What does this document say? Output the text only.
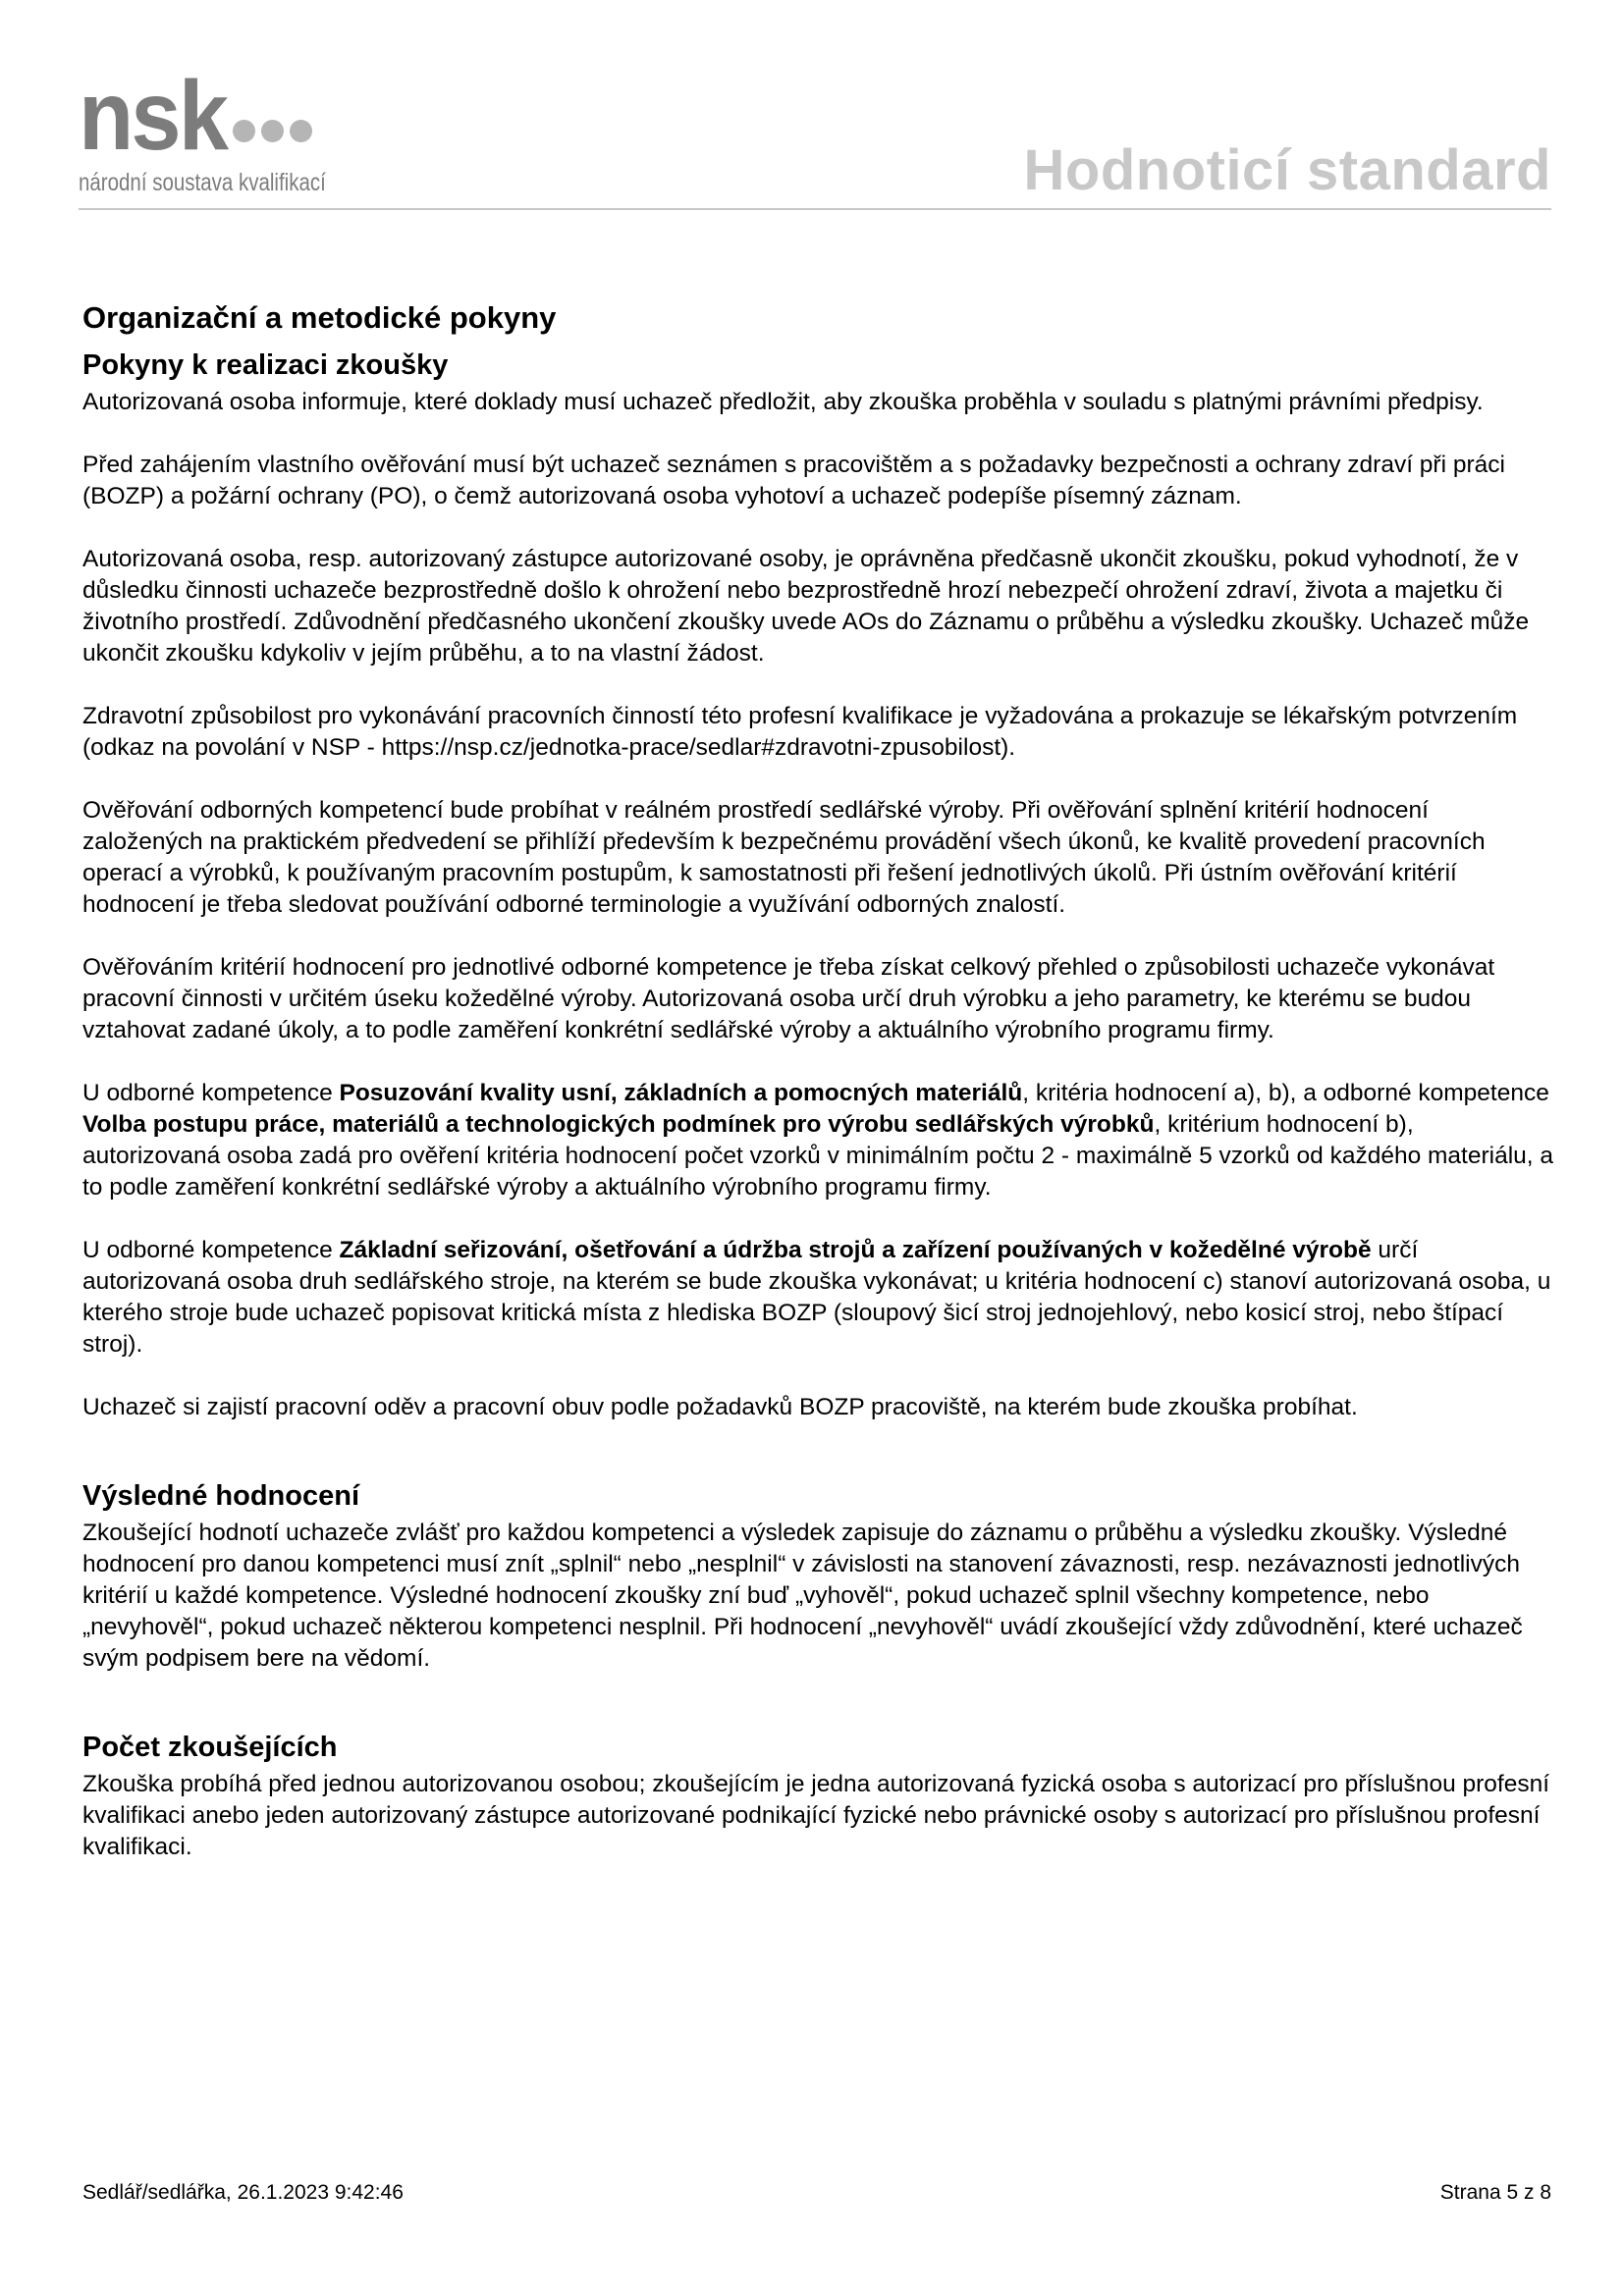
nsk
národní soustava kvalifikací	Hodnoticí standard
Organizační a metodické pokyny
Pokyny k realizaci zkoušky

Autorizovaná osoba informuje, které doklady musí uchazeč předložit, aby zkouška proběhla v souladu s platnými právními předpisy.

Před zahájením vlastního ověřování musí být uchazeč seznámen s pracovištěm a s požadavky bezpečnosti a ochrany zdraví při práci (BOZP) a požární ochrany (PO), o čemž autorizovaná osoba vyhotoví a uchazeč podepíše písemný záznam.

Autorizovaná osoba, resp. autorizovaný zástupce autorizované osoby, je oprávněna předčasně ukončit zkoušku, pokud vyhodnotí, že v důsledku činnosti uchazeče bezprostředně došlo k ohrožení nebo bezprostředně hrozí nebezpečí ohrožení zdraví, života a majetku či životního prostředí. Zdůvodnění předčasného ukončení zkoušky uvede AOs do Záznamu o průběhu a výsledku zkoušky. Uchazeč může ukončit zkoušku kdykoliv v jejím průběhu, a to na vlastní žádost.

Zdravotní způsobilost pro vykonávání pracovních činností této profesní kvalifikace je vyžadována a prokazuje se lékařským potvrzením (odkaz na povolání v NSP - https://nsp.cz/jednotka-prace/sedlar#zdravotni-zpusobilost).

Ověřování odborných kompetencí bude probíhat v reálném prostředí sedlářské výroby. Při ověřování splnění kritérií hodnocení založených na praktickém předvedení se přihlíží především k bezpečnému provádění všech úkonů, ke kvalitě provedení pracovních operací a výrobků, k používaným pracovním postupům, k samostatnosti při řešení jednotlivých úkolů. Při ústním ověřování kritérií hodnocení je třeba sledovat používání odborné terminologie a využívání odborných znalostí.

Ověřováním kritérií hodnocení pro jednotlivé odborné kompetence je třeba získat celkový přehled o způsobilosti uchazeče vykonávat pracovní činnosti v určitém úseku kožedělné výroby. Autorizovaná osoba určí druh výrobku a jeho parametry, ke kterému se budou vztahovat zadané úkoly, a to podle zaměření konkrétní sedlářské výroby a aktuálního výrobního programu firmy.

U odborné kompetence Posuzování kvality usní, základních a pomocných materiálů, kritéria hodnocení a), b), a odborné kompetence Volba postupu práce, materiálů a technologických podmínek pro výrobu sedlářských výrobků, kritérium hodnocení b), autorizovaná osoba zadá pro ověření kritéria hodnocení počet vzorků v minimálním počtu 2 - maximálně 5 vzorků od každého materiálu, a to podle zaměření konkrétní sedlářské výroby a aktuálního výrobního programu firmy.

U odborné kompetence Základní seřizování, ošetřování a údržba strojů a zařízení používaných v kožedělné výrobě určí autorizovaná osoba druh sedlářského stroje, na kterém se bude zkouška vykonávat; u kritéria hodnocení c) stanoví autorizovaná osoba, u kterého stroje bude uchazeč popisovat kritická místa z hlediska BOZP (sloupový šicí stroj jednojehlový, nebo kosicí stroj, nebo štípací stroj).

Uchazeč si zajistí pracovní oděv a pracovní obuv podle požadavků BOZP pracoviště, na kterém bude zkouška probíhat.

Výsledné hodnocení

Zkoušející hodnotí uchazeče zvlášť pro každou kompetenci a výsledek zapisuje do záznamu o průběhu a výsledku zkoušky. Výsledné hodnocení pro danou kompetenci musí znít „splnil“ nebo „nesplnil“ v závislosti na stanovení závaznosti, resp. nezávaznosti jednotlivých kritérií u každé kompetence. Výsledné hodnocení zkoušky zní buď „vyhověl“, pokud uchazeč splnil všechny kompetence, nebo „nevyhověl“, pokud uchazeč některou kompetenci nesplnil. Při hodnocení „nevyhověl“ uvádí zkoušející vždy zdůvodnění, které uchazeč svým podpisem bere na vědomí.

Počet zkoušejících

Zkouška probíhá před jednou autorizovanou osobou; zkoušejícím je jedna autorizovaná fyzická osoba s autorizací pro příslušnou profesní kvalifikaci anebo jeden autorizovaný zástupce autorizované podnikající fyzické nebo právnické osoby s autorizací pro příslušnou profesní kvalifikaci.

Sedlář/sedlářka, 26.1.2023 9:42:46	Strana 5 z 8
